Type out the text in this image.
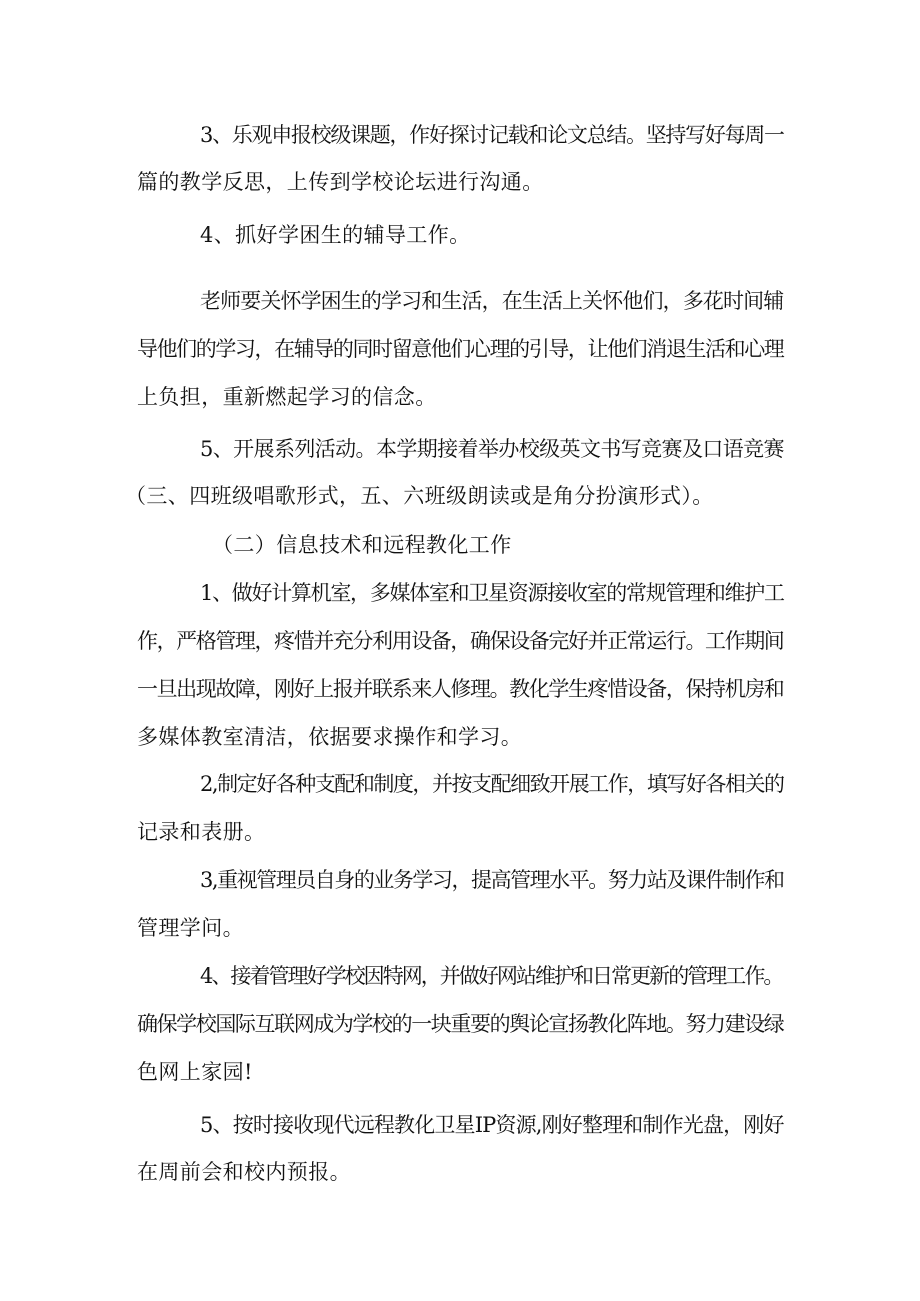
3、乐观申报校级课题，作好探讨记载和论文总结。坚持写好每周一
篇的教学反思，上传到学校论坛进行沟通。
4、抓好学困生的辅导工作。
老师要关怀学困生的学习和生活，在生活上关怀他们，多花时间辅
导他们的学习，在辅导的同时留意他们心理的引导，让他们消退生活和心理
上负担，重新燃起学习的信念。
5、开展系列活动。本学期接着举办校级英文书写竞赛及口语竞赛
（三、四班级唱歌形式，五、六班级朗读或是角分扮演形式）。
（二）信息技术和远程教化工作
1、做好计算机室，多媒体室和卫星资源接收室的常规管理和维护工
作，严格管理，疼惜并充分利用设备，确保设备完好并正常运行。工作期间
一旦出现故障，刚好上报并联系来人修理。教化学生疼惜设备，保持机房和
多媒体教室清洁，依据要求操作和学习。
2,制定好各种支配和制度，并按支配细致开展工作，填写好各相关的
记录和表册。
3,重视管理员自身的业务学习，提高管理水平。努力站及课件制作和
管理学问。
4、接着管理好学校因特网，并做好网站维护和日常更新的管理工作。
确保学校国际互联网成为学校的一块重要的舆论宣扬教化阵地。努力建设绿
色网上家园!
5、按时接收现代远程教化卫星IP资源,刚好整理和制作光盘，刚好
在周前会和校内预报。
